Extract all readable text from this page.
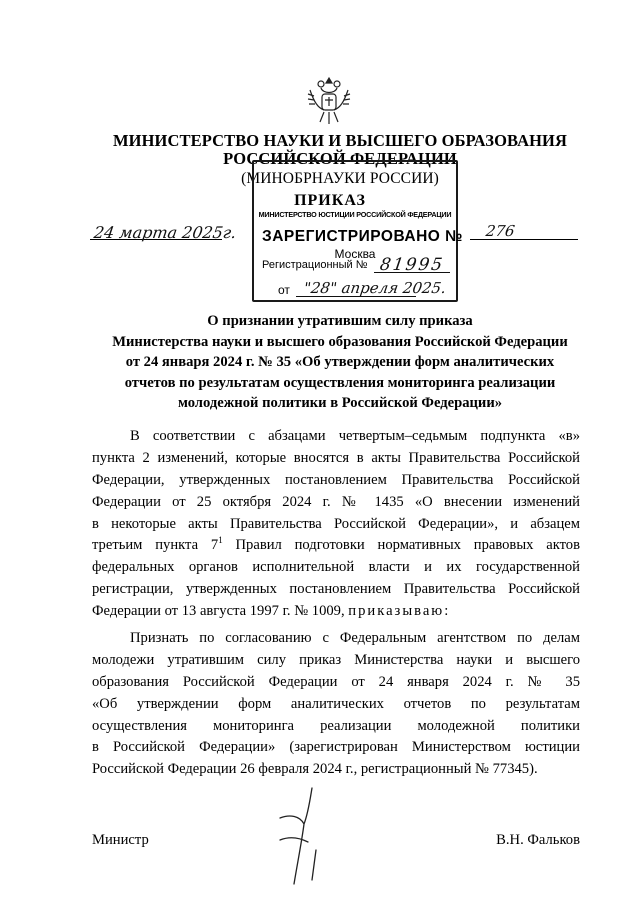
МИНИСТЕРСТВО НАУКИ И ВЫСШЕГО ОБРАЗОВАНИЯ
РОССИЙСКОЙ ФЕДЕРАЦИИ
(МИНОБРНАУКИ РОССИИ)
ПРИКАЗ
24 марта 2025г.	276
МИНИСТЕРСТВО ЮСТИЦИИ РОССИЙСКОЙ ФЕДЕРАЦИИ
ЗАРЕГИСТРИРОВАНО №
Москва
Регистрационный № 81995
от "28" апреля 2025.
О признании утратившим силу приказа
Министерства науки и высшего образования Российской Федерации
от 24 января 2024 г. № 35 «Об утверждении форм аналитических
отчетов по результатам осуществления мониторинга реализации
молодежной политики в Российской Федерации»
В соответствии с абзацами четвертым–седьмым подпункта «в»
пункта 2 изменений, которые вносятся в акты Правительства Российской
Федерации, утвержденных постановлением Правительства Российской
Федерации от 25 октября 2024 г. № 1435 «О внесении изменений
в некоторые акты Правительства Российской Федерации», и абзацем
третьим пункта $7^1$ Правил подготовки нормативных правовых актов
федеральных органов исполнительной власти и их государственной
регистрации, утвержденных постановлением Правительства Российской
Федерации от 13 августа 1997 г. № 1009, приказываю:
Признать по согласованию с Федеральным агентством по делам
молодежи утратившим силу приказ Министерства науки и высшего
образования Российской Федерации от 24 января 2024 г. № 35
«Об утверждении форм аналитических отчетов по результатам
осуществления мониторинга реализации молодежной политики
в Российской Федерации» (зарегистрирован Министерством юстиции
Российской Федерации 26 февраля 2024 г., регистрационный № 77345).
Министр	В.Н. Фальков
